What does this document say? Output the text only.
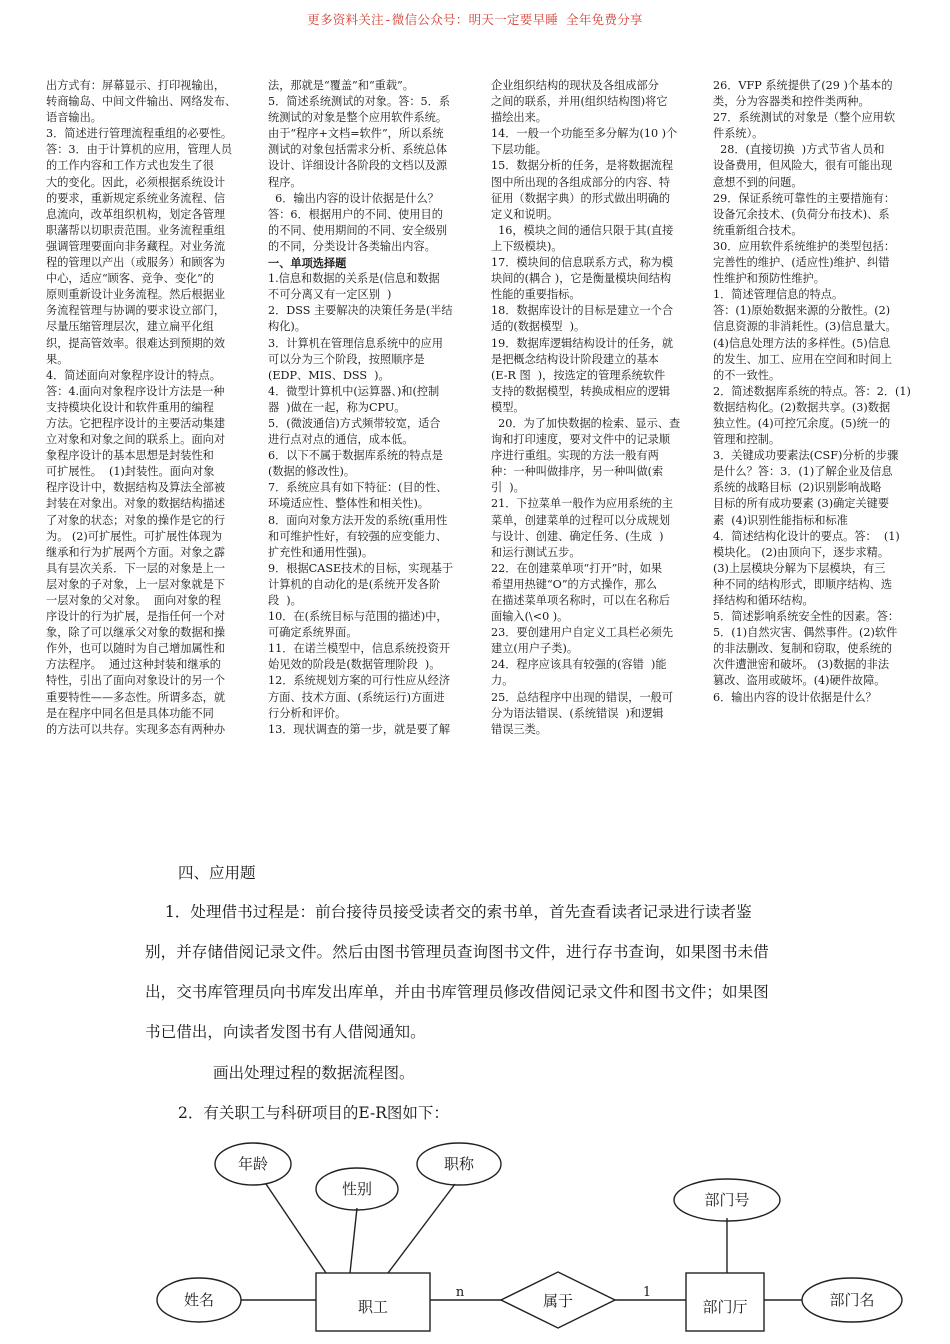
更多资料关注-微信公众号：明天一定要早睡 全年免费分享

出方式有：屏幕显示、打印视输出，

转商输岛、中间文件输出、网络发布、

语音输出。

3．简述进行管理流程重组的必要性。

答：3．由于计算机的应用，管理人员

的工作内容和工作方式也发生了很

大的变化。因此，必须根据系统设计

的要求，重新规定系统业务流程、信

息流向，改革组织机构，划定各管理

职藩帮以切职责范围。业务流程重组

强调管理要面向非务藏程。对业务流

程的管理以产出（或服务）和顾客为

中心，适应“顾客、竞争、变化”的

原则重新设计业务流程。然后根据业

务流程管理与协调的要求设立部门，

尽量压缩管理层次，建立扁平化组

织，提高管效率。很难达到预期的效

果。

4．简述面向对象程序设计的特点。

答：4.面向对象程序设计方法是一种

支持模块化设计和软件重用的编程

方法。它把程序设计的主要活动集建

立对象和对象之间的联系上。面向对

象程序设计的基本思想是封装性和

可扩展性。  (1)封装性。面向对象

程序设计中，数据结构及算法全部被

封装在对象出。对象的数据结构描述

了对象的状态；对象的操作是它的行

为。 (2)可扩展性。可扩展性体现为

继承和行为扩展两个方面。对象之霹

具有昙次关系．下一层的对象是上一

层对象的子对象，上一层对象就是下

一层对象的父对象。  面向对象的程

序设计的行为扩展，是指任何一个对

象，除了可以继承父对象的数据和操

作外，也可以随时为自己增加属性和

方法程序。  通过这种封装和继承的

特性，引出了面向对象设计的另一个

重要特性——多态性。所谓多态，就

是在程序中同名但是具体功能不同

的方法可以共存。实现多态有两种办

法，那就是“覆盖”和“重载”。

5．简述系统测试的对象。答：5．系

统测试的对象是整个应用软件系统。

由于“程序+文档=软件”，所以系统

测试的对象包括需求分析、系统总体

设计、详细设计各阶段的文档以及源

程序。

6．输出内容的设计依据是什么？

答：6．根据用户的不同、使用目的

的不同、使用期间的不同、安全级别

的不同，分类设计各类输出内容。

一、单项选择题

1.信息和数据的关系是(信息和数据

不可分离又有一定区别  )

2．DSS 主要解决的决策任务是(半结

构化)。

3．计算机在管理信息系统中的应用

可以分为三个阶段，按照顺序是

(EDP、MIS、DSS  )。

4．微型计算机中(运算器、)和(控制

器  )做在一起，称为CPU。

5．(微波通信)方式频带较宽，适合

进行点对点的通信，成本低。

6．以下不属于数据库系统的特点是

(数据的修改性)。

7．系统应具有如下特征：(目的性、

环境适应性、整体性和相关性)。

8．面向对象方法开发的系统(重用性

和可维护性好，有较强的应变能力、

扩充性和通用性强)。

9．根据CASE技术的目标，实现基于

计算机的自动化的是(系统开发各阶

段  )。

10．在(系统目标与范围的描述)中，

可确定系统界面。

11．在诺兰模型中，信息系统投资开

始见效的阶段是(数据管理阶段  )。

12．系统规划方案的可行性应从经济

方面、技术方面、(系统运行)方面进

行分析和评价。

13．现状调查的第一步，就是要了解

企业组织结构的现状及各组成部分

之间的联系，并用(组织结构图)将它

描绘出来。

14．一般一个功能至多分解为(10 )个

下层功能。

15．数据分析的任务，是将数据流程

图中所出现的各组成部分的内容、特

征用（数据字典）的形式做出明确的

定义和说明。

16，模块之间的通信只限于其(直接

上下级模块)。

17．模块间的信息联系方式，称为模

块间的(耦合 )，它是衡量模块间结构

性能的重要指标。

18．数据库设计的目标是建立一个合

适的(数据模型  )。

19．数据库逻辑结构设计的任务，就

是把概念结构设计阶段建立的基本

(E-R 图  )，按选定的管理系统软件

支持的数据模型，转换成相应的逻辑

模型。

20．为了加快数据的检索、显示、查

询和打印速度，要对文件中的记录顺

序进行重组。实现的方法一般有两

种：一种叫做排序，另一种叫做(索

引  )。

21．下拉菜单一般作为应用系统的主

菜单，创建菜单的过程可以分成规划

与设计、创建、确定任务、(生成  )

和运行测试五步。

22．在创建菜单项“打开”时，如果

希望用热键“O”的方式操作，那么

在描述菜单项名称时，可以在名称后

面输入(\<0 )。

23．要创建用户自定义工具栏必须先

建立(用户子类)。

24．程序应该具有较强的(容错  )能

力。

25．总结程序中出现的错误，一般可

分为语法错误、(系统错误  )和逻辑

错误三类。

26．VFP 系统提供了(29 )个基本的

类，分为容器类和控件类两种。

27．系统测试的对象是（整个应用软

件系统）。

28．(直接切换  )方式节省人员和

设备费用，但风险大，很有可能出现

意想不到的问题。

29．保证系统可靠性的主要措施有：

设备冗余技术、(负荷分布技术)、系

统重新组合技术。

30．应用软件系统维护的类型包括：

完善性的维护、(适应性)维护、纠错

性维护和预防性维护。

1．简述管理信息的特点。

答：(1)原始数据来源的分散性。(2)

信息资源的非消耗性。(3)信息量大。

(4)信息处理方法的多样性。(5)信息

的发生、加工、应用在空间和时间上

的不一致性。

2．简述数据库系统的特点。答：2．(1)

数据结构化。(2)数据共享。(3)数据

独立性。(4)可控冗余度。(5)统一的

管理和控制。

3．关键成功要素法(CSF)分析的步骤

是什么？答：3．(1)了解企业及信息

系统的战略目标  (2)识别影响战略

目标的所有成功要素 (3)确定关键要

素  (4)识别性能指标和标准

4．简述结构化设计的要点。答：  (1)

模块化。 (2)由顶向下，逐步求精。

(3)上层模块分解为下层模块，有三

种不同的结构形式，即顺序结构、选

择结构和循环结构。

5．简述影响系统安全性的因素。答：

5．(1)自然灾害、偶然事件。(2)软件

的非法删改、复制和窃取，使系统的

次件遭泄密和破坏。 (3)数据的非法

篡改、盗用或破坏。(4)硬件故障。

6．输出内容的设计依据是什么？

四、应用题
1．处理借书过程是：前台接待员接受读者交的索书单，首先查看读者记录进行读者鉴
别，并存储借阅记录文件。然后由图书管理员查询图书文件，进行存书查询，如果图书未借
出，交书库管理员向书库发出库单，并由书库管理员修改借阅记录文件和图书文件；如果图
书已借出，向读者发图书有人借阅通知。
画出处理过程的数据流程图。
2．有关职工与科研项目的E-R图如下：
年龄
性别
职称
姓名
部门号
部门名
职工	部门厅
属于
n	1
